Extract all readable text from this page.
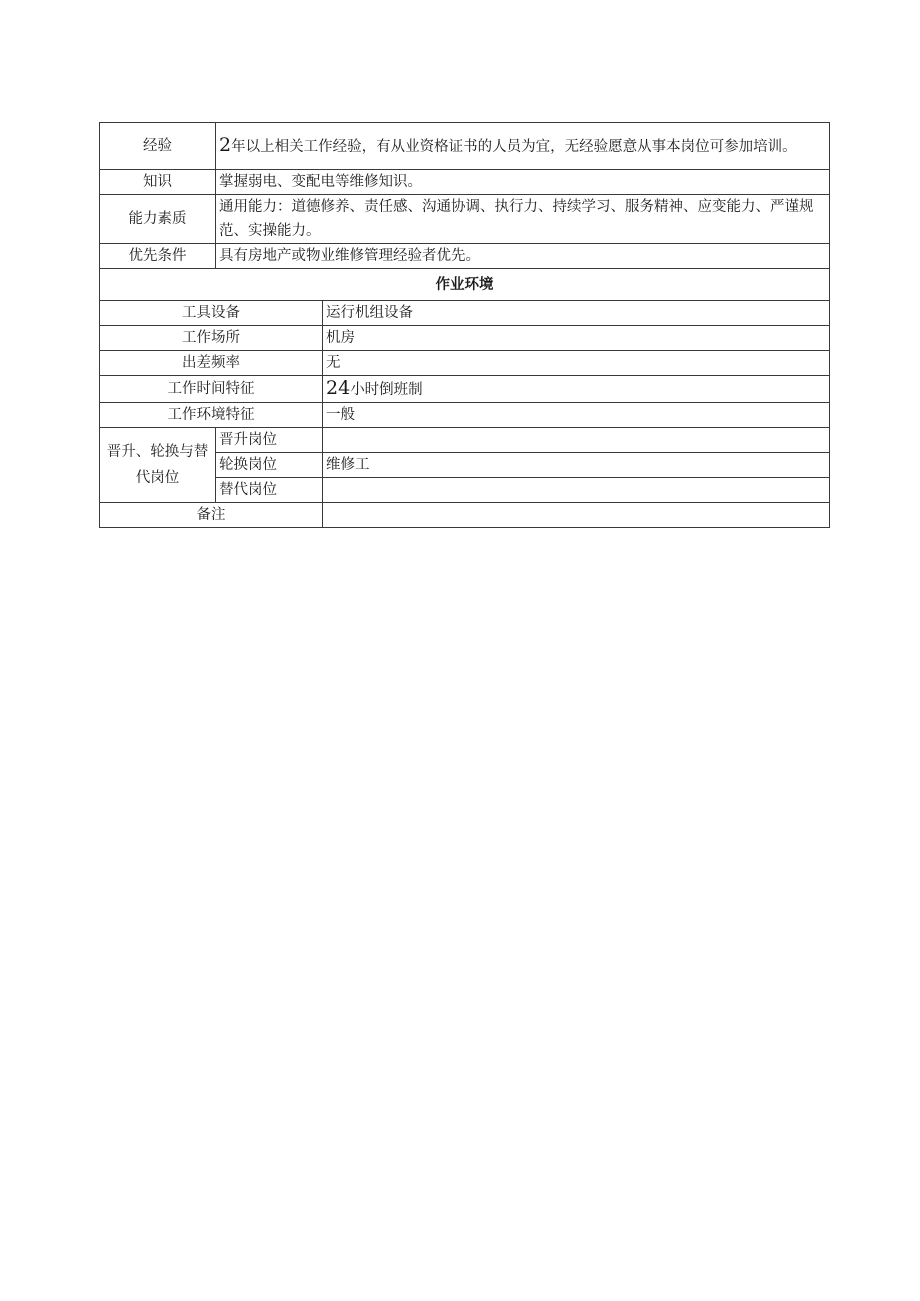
经验	2年以上相关工作经验，有从业资格证书的人员为宜，无经验愿意从事本岗位可参加培训。	
知识	掌握弱电、变配电等维修知识。	
能力素质	通用能力：道德修养、责任感、沟通协调、执行力、持续学习、服务精神、应变能力、严谨规范、实操能力。	
优先条件	具有房地产或物业维修管理经验者优先。	
作业环境		
工具设备		运行机组设备
工作场所		机房
出差频率		无
工作时间特征		24小时倒班制
工作环境特征		一般
晋升、轮换与替代岗位	晋升岗位	
	轮换岗位	维修工
	替代岗位	
备注		
